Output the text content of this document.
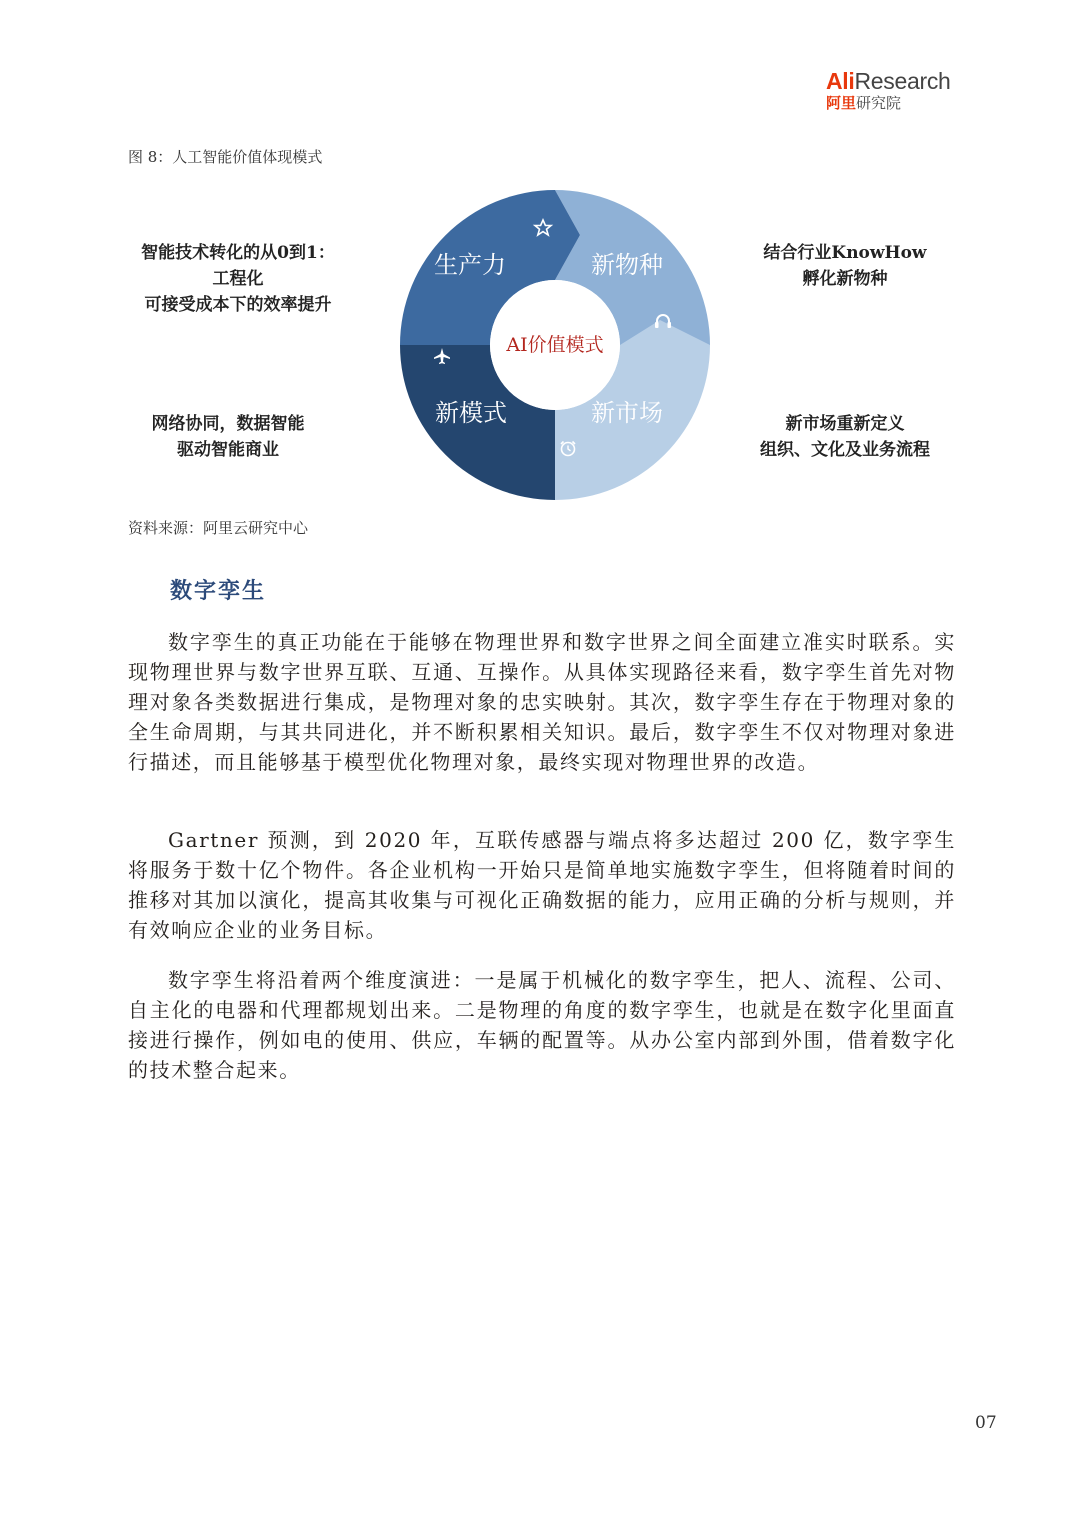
AliResearch
阿里研究院
图 8：人工智能价值体现模式
智能技术转化的从0到1：
工程化
可接受成本下的效率提升
结合行业KnowHow
孵化新物种
网络协同，数据智能
驱动智能商业
新市场重新定义
组织、文化及业务流程
生产力	新物种
新市场
新模式
AI价值模式
资料来源：阿里云研究中心
数字孪生

数字孪生的真正功能在于能够在物理世界和数字世界之间全面建立准实时联系。实现物理世界与数字世界互联、互通、互操作。从具体实现路径来看，数字孪生首先对物理对象各类数据进行集成，是物理对象的忠实映射。其次，数字孪生存在于物理对象的全生命周期，与其共同进化，并不断积累相关知识。最后，数字孪生不仅对物理对象进行描述，而且能够基于模型优化物理对象，最终实现对物理世界的改造。

Gartner 预测，到 2020 年，互联传感器与端点将多达超过 200 亿，数字孪生将服务于数十亿个物件。各企业机构一开始只是简单地实施数字孪生，但将随着时间的推移对其加以演化，提高其收集与可视化正确数据的能力，应用正确的分析与规则，并有效响应企业的业务目标。

数字孪生将沿着两个维度演进：一是属于机械化的数字孪生，把人、流程、公司、自主化的电器和代理都规划出来。二是物理的角度的数字孪生，也就是在数字化里面直接进行操作，例如电的使用、供应，车辆的配置等。从办公室内部到外围，借着数字化的技术整合起来。

07
